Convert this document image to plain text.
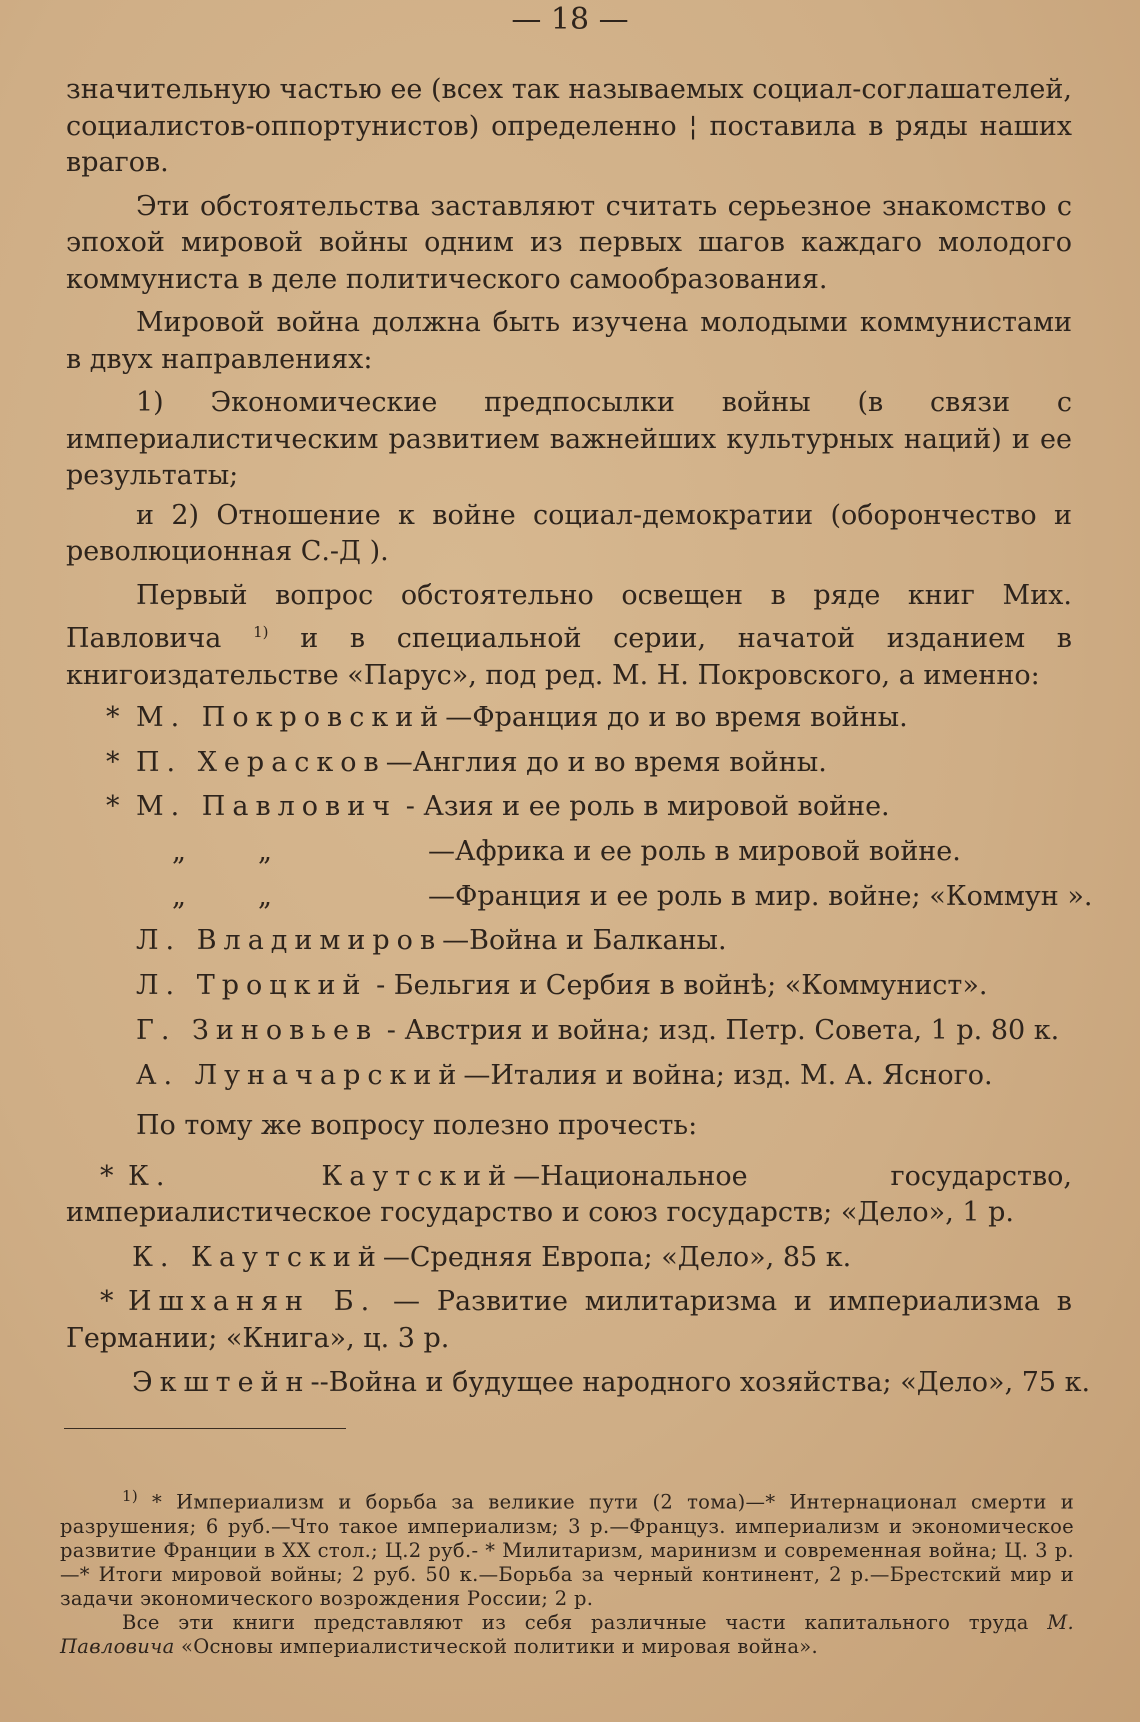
— 18 —

значительную частью ее (всех так называемых социал-соглашателей, социалистов-оппортунистов) определенно ¦ поставила в ряды наших врагов.

Эти обстоятельства заставляют считать серьезное знакомство с эпохой мировой войны одним из первых шагов каждаго молодого коммуниста в деле политического самообразования.

Мировой война должна быть изучена молодыми коммунистами в двух направлениях:

1) Экономические предпосылки войны (в связи с империалистическим развитием важнейших культурных наций) и ее результаты;

и 2) Отношение к войне социал-демократии (оборончество и революционная С.-Д ).

Первый вопрос обстоятельно освещен в ряде книг Мих. Павловича $^{1)}$ и в специальной серии, начатой изданием в книгоиздательстве «Парус», под ред. М. Н. Покровского, а именно:

* М. Покровский—Франция до и во время войны.
* П. Херасков—Англия до и во время войны.
* М. Павлович - Азия и ее роль в мировой войне.
„	„	—Африка и ее роль в мировой войне.
„	„	—Франция и ее роль в мир. войне; «Коммун ».
Л. Владимиров—Война и Балканы.
Л. Троцкий - Бельгия и Сербия в войнѣ; «Коммунист».
Г. Зиновьев - Австрия и война; изд. Петр. Совета, 1 р. 80 к.
А. Луначарский—Италия и война; изд. М. А. Ясного.

По тому же вопросу полезно прочесть:

* К. Каутский—Национальное государство, империалистическое государство и союз государств; «Дело», 1 р.

К. Каутский—Средняя Европа; «Дело», 85 к.
* Ишханян Б. — Развитие милитаризма и империализма в Германии; «Книга», ц. 3 р.

Экштейн--Война и будущее народного хозяйства; «Дело», 75 к.

$^{1)}$ * Империализм и борьба за великие пути (2 тома)—* Интернационал смерти и разрушения; 6 руб.—Что такое империализм; 3 р.—Француз. империализм и экономическое развитие Франции в XX стол.; Ц.2 руб.- * Милитаризм, маринизм и современная война; Ц. 3 р.—* Итоги мировой войны; 2 руб. 50 к.—Борьба за черный континент, 2 р.—Брестский мир и задачи экономического возрождения России; 2 р.

Все эти книги представляют из себя различные части капитального труда М. Павловича «Основы империалистической политики и мировая война».
